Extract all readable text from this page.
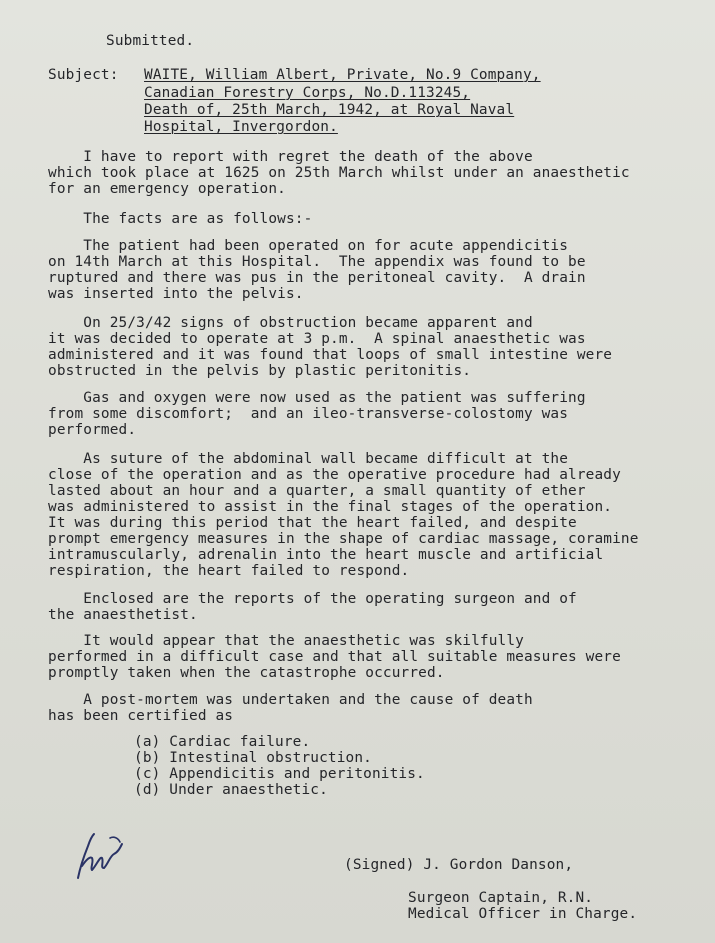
Submitted.
Subject: WAITE, William Albert, Private, No.9 Company,
Canadian Forestry Corps, No.D.113245,
Death of, 25th March, 1942, at Royal Naval
Hospital, Invergordon.
I have to report with regret the death of the above
which took place at 1625 on 25th March whilst under an anaesthetic
for an emergency operation.
The facts are as follows:-
The patient had been operated on for acute appendicitis
on 14th March at this Hospital.  The appendix was found to be
ruptured and there was pus in the peritoneal cavity.  A drain
was inserted into the pelvis.
On 25/3/42 signs of obstruction became apparent and
it was decided to operate at 3 p.m.  A spinal anaesthetic was
administered and it was found that loops of small intestine were
obstructed in the pelvis by plastic peritonitis.
Gas and oxygen were now used as the patient was suffering
from some discomfort;  and an ileo-transverse-colostomy was
performed.
As suture of the abdominal wall became difficult at the
close of the operation and as the operative procedure had already
lasted about an hour and a quarter, a small quantity of ether
was administered to assist in the final stages of the operation.
It was during this period that the heart failed, and despite
prompt emergency measures in the shape of cardiac massage, coramine
intramuscularly, adrenalin into the heart muscle and artificial
respiration, the heart failed to respond.
Enclosed are the reports of the operating surgeon and of
the anaesthetist.
It would appear that the anaesthetic was skilfully
performed in a difficult case and that all suitable measures were
promptly taken when the catastrophe occurred.
A post-mortem was undertaken and the cause of death
has been certified as
(a) Cardiac failure.
(b) Intestinal obstruction.
(c) Appendicitis and peritonitis.
(d) Under anaesthetic.
(Signed) J. Gordon Danson,
Surgeon Captain, R.N.
Medical Officer in Charge.
